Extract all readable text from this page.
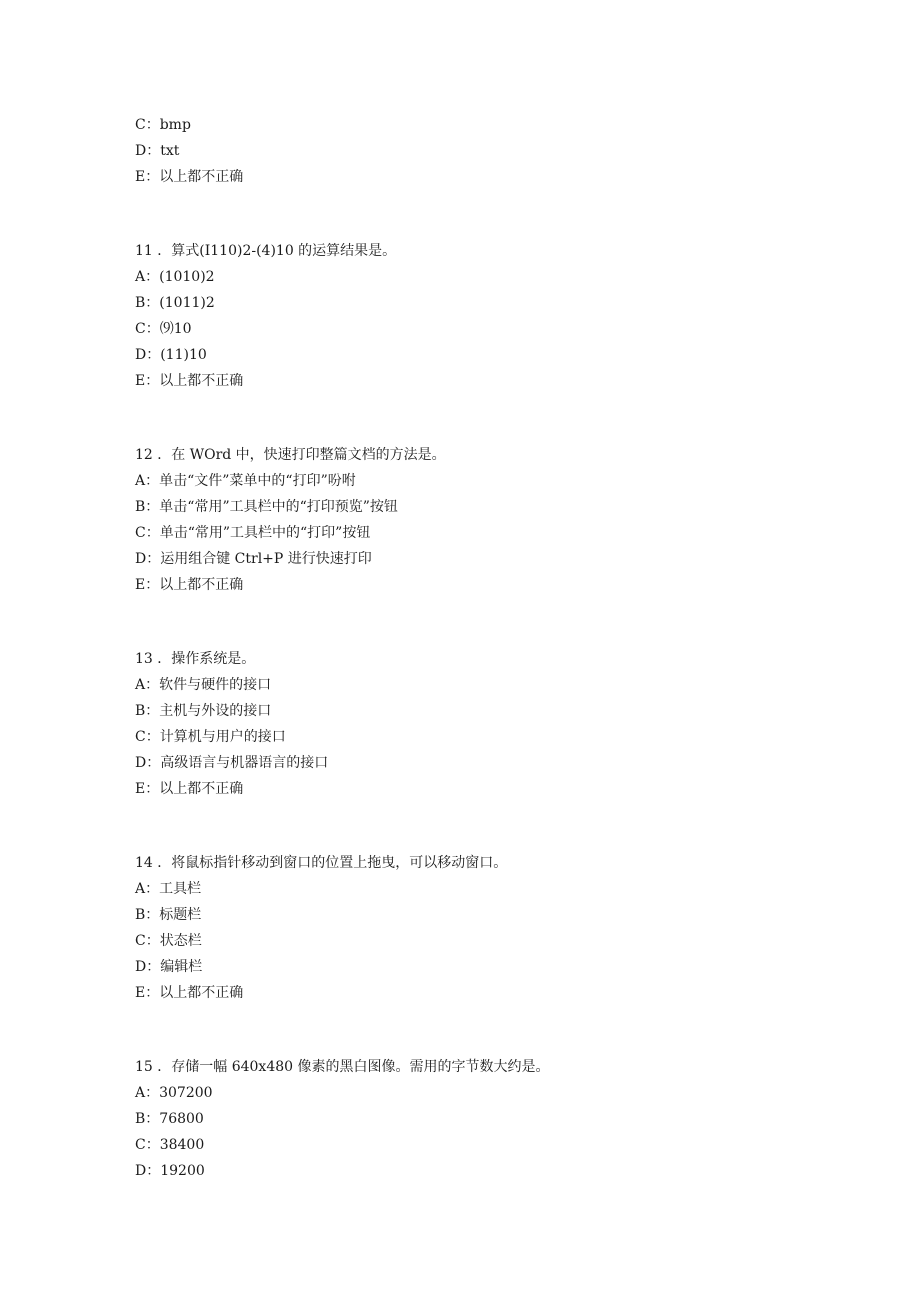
C：bmp
D：txt
E：以上都不正确
11 ．算式(I110)2-(4)10 的运算结果是。
A：(1010)2
B：(1011)2
C：⑼10
D：(11)10
E：以上都不正确
12 ．在 WOrd 中，快速打印整篇文档的方法是。
A：单击“文件”菜单中的“打印”吩咐
B：单击“常用”工具栏中的“打印预览”按钮
C：单击“常用”工具栏中的“打印”按钮
D：运用组合键 Ctrl+P 进行快速打印
E：以上都不正确
13 ．操作系统是。
A：软件与硬件的接口
B：主机与外设的接口
C：计算机与用户的接口
D：高级语言与机器语言的接口
E：以上都不正确
14 ．将鼠标指针移动到窗口的位置上拖曳，可以移动窗口。
A：工具栏
B：标题栏
C：状态栏
D：编辑栏
E：以上都不正确
15 ．存储一幅 640x480 像素的黑白图像。需用的字节数大约是。
A：307200
B：76800
C：38400
D：19200
